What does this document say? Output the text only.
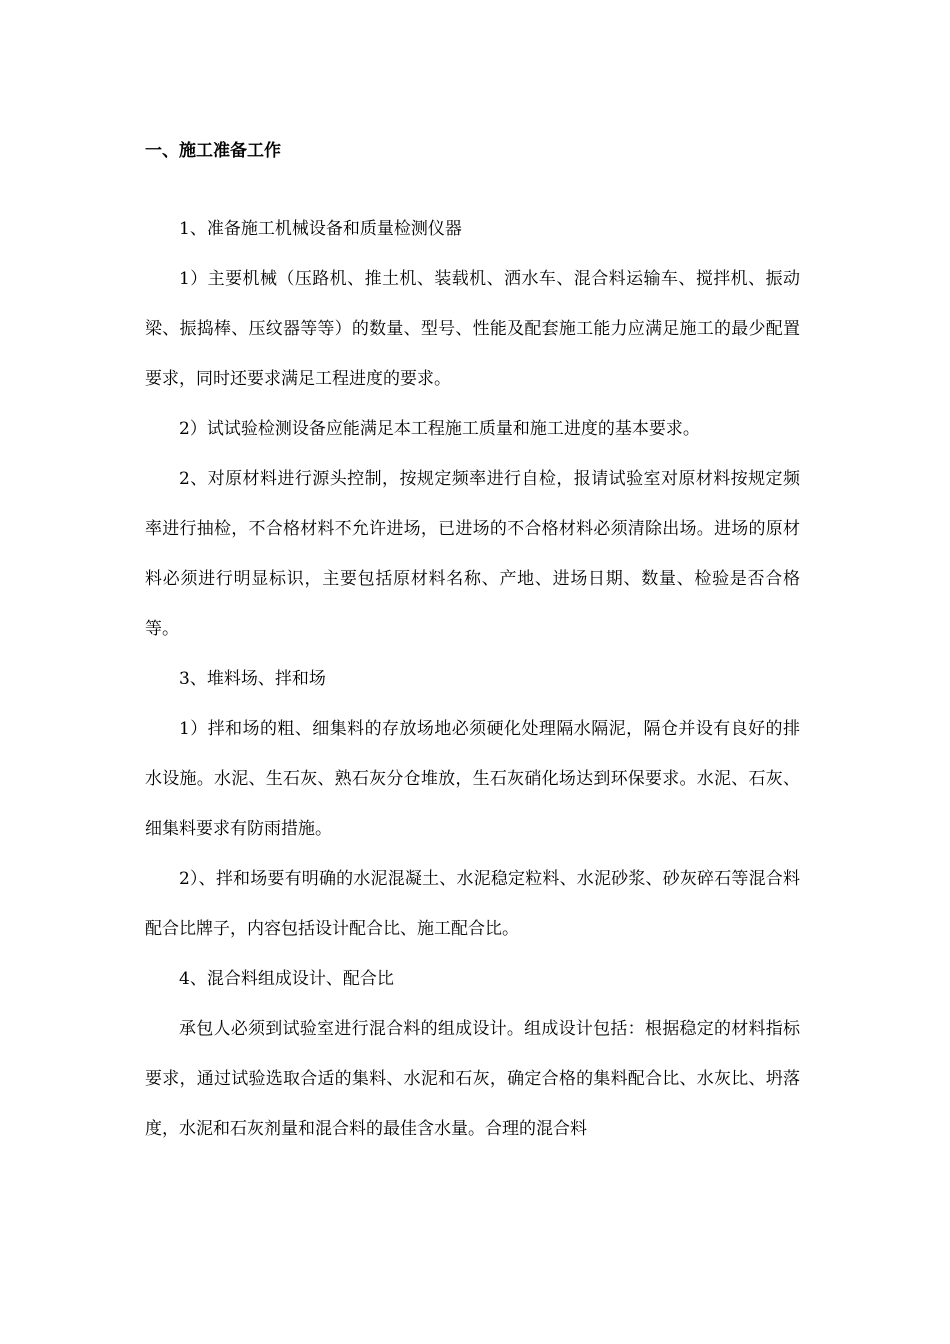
一、施工准备工作

1、准备施工机械设备和质量检测仪器

1）主要机械（压路机、推土机、装载机、洒水车、混合料运输车、搅拌机、振动梁、振捣棒、压纹器等等）的数量、型号、性能及配套施工能力应满足施工的最少配置要求，同时还要求满足工程进度的要求。

2）试试验检测设备应能满足本工程施工质量和施工进度的基本要求。

2、对原材料进行源头控制，按规定频率进行自检，报请试验室对原材料按规定频率进行抽检，不合格材料不允许进场，已进场的不合格材料必须清除出场。进场的原材料必须进行明显标识，主要包括原材料名称、产地、进场日期、数量、检验是否合格等。

3、堆料场、拌和场

1）拌和场的粗、细集料的存放场地必须硬化处理隔水隔泥，隔仓并设有良好的排水设施。水泥、生石灰、熟石灰分仓堆放，生石灰硝化场达到环保要求。水泥、石灰、细集料要求有防雨措施。

2）、拌和场要有明确的水泥混凝土、水泥稳定粒料、水泥砂浆、砂灰碎石等混合料配合比牌子，内容包括设计配合比、施工配合比。

4、混合料组成设计、配合比

承包人必须到试验室进行混合料的组成设计。组成设计包括：根据稳定的材料指标要求，通过试验选取合适的集料、水泥和石灰，确定合格的集料配合比、水灰比、坍落度，水泥和石灰剂量和混合料的最佳含水量。合理的混合料
